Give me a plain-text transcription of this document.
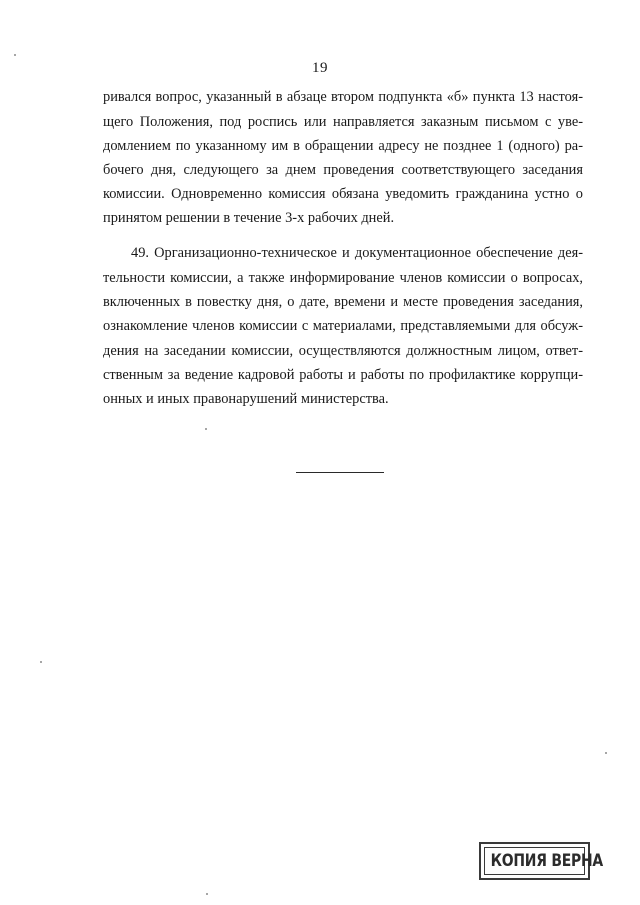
19
ривался вопрос, указанный в абзаце втором подпункта «б» пункта 13 настоя-
щего Положения, под роспись или направляется заказным письмом с уве-
домлением по указанному им в обращении адресу не позднее 1 (одного) ра-
бочего дня, следующего за днем проведения соответствующего заседания
комиссии. Одновременно комиссия обязана уведомить гражданина устно о
принятом решении в течение 3-х рабочих дней.
49. Организационно-техническое и документационное обеспечение дея-
тельности комиссии, а также информирование членов комиссии о вопросах,
включенных в повестку дня, о дате, времени и месте проведения заседания,
ознакомление членов комиссии с материалами, представляемыми для обсуж-
дения на заседании комиссии, осуществляются должностным лицом, ответ-
ственным за ведение кадровой работы и работы по профилактике коррупци-
онных и иных правонарушений министерства.
КОПИЯ ВЕРНА
